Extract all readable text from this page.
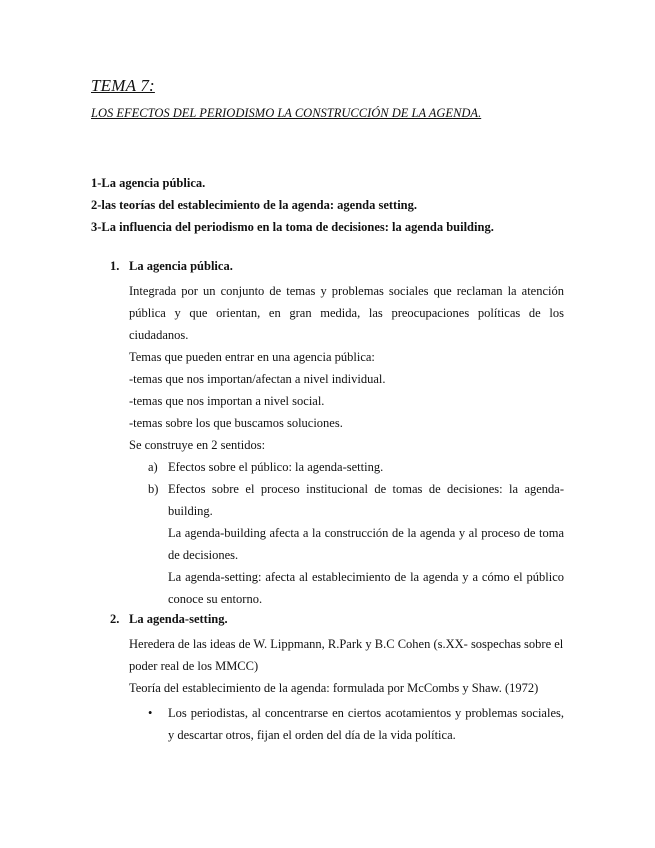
TEMA 7:
LOS EFECTOS DEL PERIODISMO LA CONSTRUCCIÓN DE LA AGENDA.
1-La agencia pública.
2-las teorías del establecimiento de la agenda: agenda setting.
3-La influencia del periodismo en la toma de decisiones: la agenda building.
1. La agencia pública.
Integrada por un conjunto de temas y problemas sociales que reclaman la atención pública y que orientan, en gran medida, las preocupaciones políticas de los ciudadanos.
Temas que pueden entrar en una agencia pública:
-temas que nos importan/afectan a nivel individual.
-temas que nos importan a nivel social.
-temas sobre los que buscamos soluciones.
Se construye en 2 sentidos:
a) Efectos sobre el público: la agenda-setting.
b) Efectos sobre el proceso institucional de tomas de decisiones: la agenda-building.
La agenda-building afecta a la construcción de la agenda y al proceso de toma de decisiones.
La agenda-setting: afecta al establecimiento de la agenda y a cómo el público conoce su entorno.
2. La agenda-setting.
Heredera de las ideas de W. Lippmann, R.Park y B.C Cohen (s.XX- sospechas sobre el poder real de los MMCC)
Teoría del establecimiento de la agenda: formulada por McCombs y Shaw. (1972)
• Los periodistas, al concentrarse en ciertos acotamientos y problemas sociales, y descartar otros, fijan el orden del día de la vida política.
